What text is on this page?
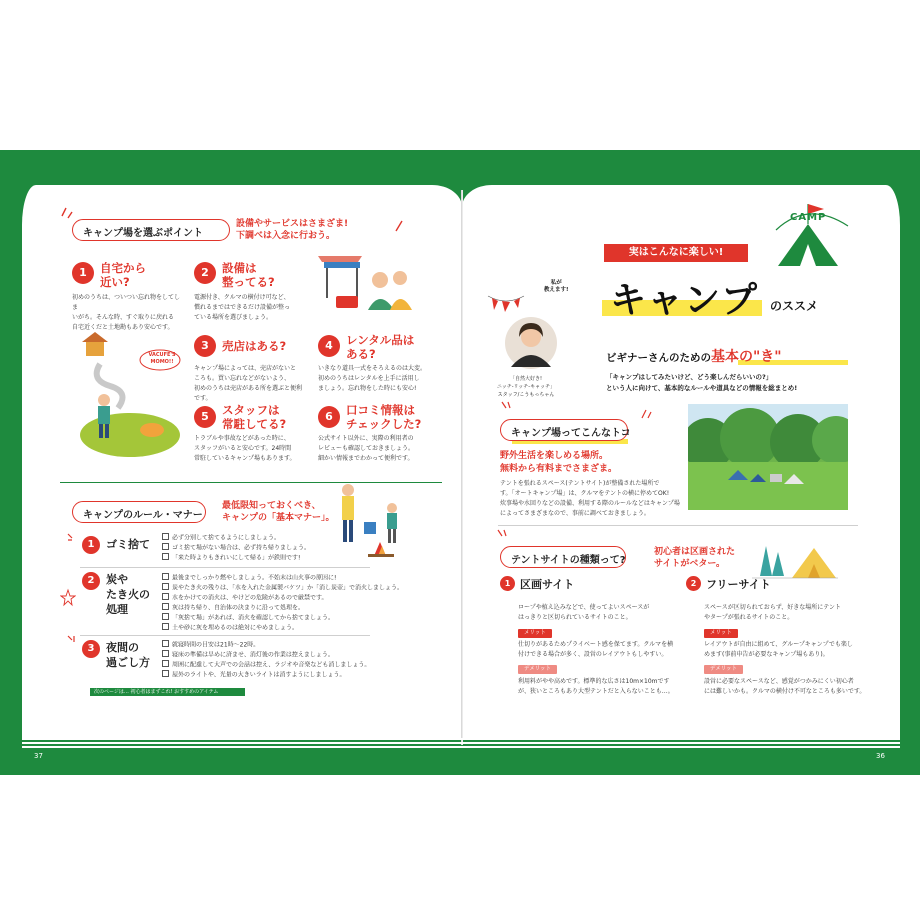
37	36
キャンプ場を選ぶポイント
設備やサービスはさまざま!
下調べは入念に行おう。
1	自宅から
近い?
初めのうちは、ついつい忘れ物をしてしま
いがち。そんな時、すぐ取りに戻れる
自宅近くだと土地勘もあり安心です。
2	設備は
整ってる?
電源付き、クルマの横付け可など、
慣れるまではできるだけ設備が整っ
ている場所を選びましょう。
3	売店はある?
キャンプ場によっては、売店がないと
ころも。買い忘れなどがないよう、
初めのうちは売店がある所を選ぶと便利です。
4	レンタル品は
ある?
いきなり道具一式をそろえるのは大変。
初めのうちはレンタルを上手に活用し
ましょう。忘れ物をした時にも安心!
VACUFE'S
MOMO!!
5	スタッフは
常駐してる?
トラブルや事故などがあった時に、
スタッフがいると安心です。24時間
常駐しているキャンプ場もあります。
6	口コミ情報は
チェックした?
公式サイト以外に、実際の利用者の
レビューも確認しておきましょう。
細かい情報までわかって便利です。
キャンプのルール・マナー
最低限知っておくべき、
キャンプの「基本マナー」。
1	ゴミ捨て	必ず分別して捨てるようにしましょう。
ゴミ捨て場がない場合は、必ず持ち帰りましょう。
「来た時よりもきれいにして帰る」が鉄則です!
2	炭や
たき火の
処理
最後までしっかり燃やしましょう。不始末は山火事の原因に!
炭やたき火の残りは、「水を入れた金属製バケツ」か「消し炭壺」で消火しましょう。
水をかけての消火は、やけどの危険があるので厳禁です。
灰は持ち帰り、自治体の決まりに沿って処理を。
「灰捨て場」があれば、消火を確認してから捨てましょう。
土や砂に灰を埋めるのは絶対にやめましょう。
3	夜間の
過ごし方
就寝時間の目安は21時〜22時。
寝床の準備は早めに済ませ、消灯後の作業は控えましょう。
周囲に配慮して大声での会話は控え、ラジオや音楽なども消しましょう。
屋外のライトや、光量の大きいライトは消すようにしましょう。
次のページは… 初心者はまずこれ! おすすめのアイテム
CAMP
実はこんなに楽しい!
キャンプ のススメ
私が
教えます!
「自然大好き!
ニッチ-リッチ-キャッチ」
スタッフ/こうもっちゃん
ビギナーさんのための基本の"き"
「キャンプはしてみたいけど、どう楽しんだらいいの?」
という人に向けて、基本的なルールや道具などの情報を総まとめ!
キャンプ場ってこんなトコ
野外生活を楽しめる場所。
無料から有料までさまざま。
テントを張れるスペース(テントサイト)が整備された場所で
す。「オートキャンプ場」は、クルマをテントの横に停めてOK!
炊事場や水回りなどの設備、利用する際のルールなどはキャンプ場
によってさまざまなので、事前に調べておきましょう。
テントサイトの種類って?
初心者は区画された
サイトがベター。
1 区画サイト
ロープや植え込みなどで、使ってよいスペースが
はっきりと区切られているサイトのこと。
メリット
仕切りがあるためプライベート感を保てます。クルマを横
付けできる場合が多く、設営のレイアウトもしやすい。
デメリット
利用料がやや高めです。標準的な広さは10m×10mです
が、狭いところもあり大型テントだと入らないことも…。
2 フリーサイト
スペースが区切られておらず、好きな場所にテント
やタープが張れるサイトのこと。
メリット
レイアウトが自由に組めて、グループキャンプでも楽し
めます(事前申告が必要なキャンプ場もあり)。
デメリット
設営に必要なスペースなど、感覚がつかみにくい初心者
には難しいかも。クルマの横付け不可なところも多いです。
